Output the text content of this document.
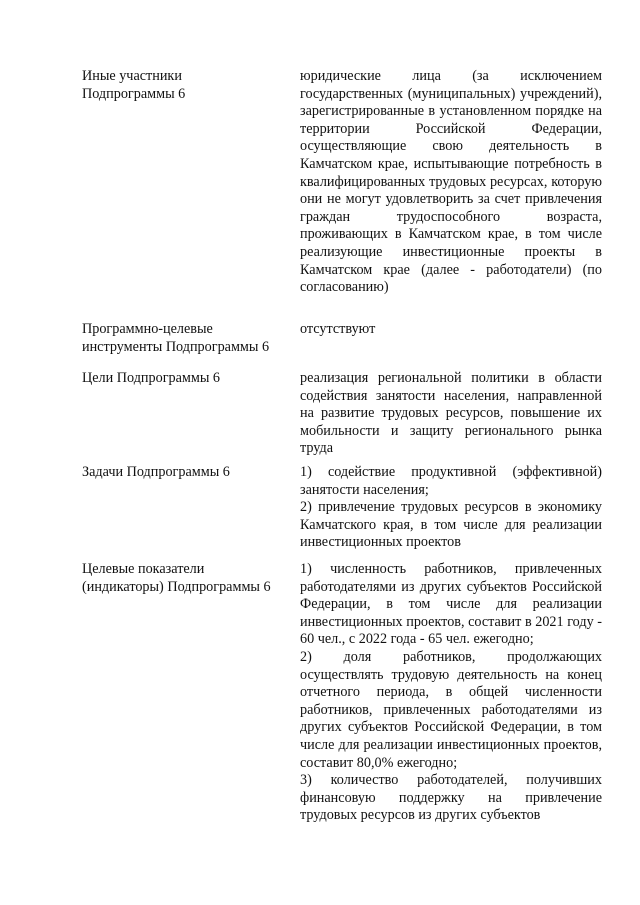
Иные участники
Подпрограммы 6

юридические лица (за исключением государственных (муниципальных) учреждений), зарегистрированные в установленном порядке на территории Российской Федерации, осуществляющие свою деятельность в Камчатском крае, испытывающие потребность в квалифицированных трудовых ресурсах, которую они не могут удовлетворить за счет привлечения граждан трудоспособного возраста, проживающих в Камчатском крае, в том числе реализующие инвестиционные проекты в Камчатском крае (далее - работодатели) (по согласованию)

Программно-целевые
инструменты Подпрограммы 6

отсутствуют

Цели Подпрограммы 6	реализация региональной политики в области содействия занятости населения, направленной на развитие трудовых ресурсов, повышение их мобильности и защиту регионального рынка труда

Задачи Подпрограммы 6	1) содействие продуктивной (эффективной) занятости населения;

2) привлечение трудовых ресурсов в экономику Камчатского края, в том числе для реализации инвестиционных проектов

Целевые показатели
(индикаторы) Подпрограммы 6

1) численность работников, привлеченных работодателями из других субъектов Российской Федерации, в том числе для реализации инвестиционных проектов, составит в 2021 году - 60 чел., с 2022 года - 65 чел. ежегодно;

2) доля работников, продолжающих осуществлять трудовую деятельность на конец отчетного периода, в общей численности работников, привлеченных работодателями из других субъектов Российской Федерации, в том числе для реализации инвестиционных проектов, составит 80,0% ежегодно;

3) количество работодателей, получивших финансовую поддержку на привлечение трудовых ресурсов из других субъектов
